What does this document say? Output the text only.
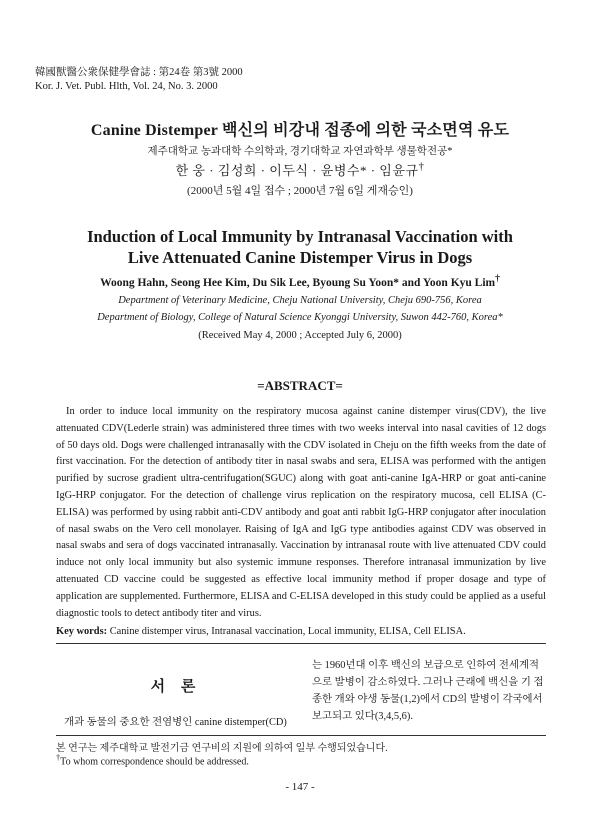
韓國獸醫公衆保健學會誌 : 第24卷 第3號 2000
Kor. J. Vet. Publ. Hlth, Vol. 24, No. 3. 2000
Canine Distemper 백신의 비강내 접종에 의한 국소면역 유도
제주대학교 농과대학 수의학과, 경기대학교 자연과학부 생물학전공*
한 웅 · 김성희 · 이두식 · 윤병수* · 임윤규†
(2000년 5월 4일 접수 ; 2000년 7월 6일 게재승인)
Induction of Local Immunity by Intranasal Vaccination with
Live Attenuated Canine Distemper Virus in Dogs
Woong Hahn, Seong Hee Kim, Du Sik Lee, Byoung Su Yoon* and Yoon Kyu Lim†
Department of Veterinary Medicine, Cheju National University, Cheju 690-756, Korea
Department of Biology, College of Natural Science Kyonggi University, Suwon 442-760, Korea*
(Received May 4, 2000 ; Accepted July 6, 2000)
=ABSTRACT=

In order to induce local immunity on the respiratory mucosa against canine distemper virus(CDV), the live attenuated CDV(Lederle strain) was administered three times with two weeks interval into nasal cavities of 12 dogs of 50 days old. Dogs were challenged intranasally with the CDV isolated in Cheju on the fifth weeks from the date of first vaccination. For the detection of antibody titer in nasal swabs and sera, ELISA was performed with the antigen purified by sucrose gradient ultra-centrifugation(SGUC) along with goat anti-canine IgA-HRP or goat anti-canine IgG-HRP conjugator. For the detection of challenge virus replication on the respiratory mucosa, cell ELISA (C-ELISA) was performed by using rabbit anti-CDV antibody and goat anti rabbit IgG-HRP conjugator after inoculation of nasal swabs on the Vero cell monolayer. Raising of IgA and IgG type antibodies against CDV was observed in nasal swabs and sera of dogs vaccinated intranasally. Vaccination by intranasal route with live attenuated CDV could induce not only local immunity but also systemic immune responses. Therefore intranasal immunization by live attenuated CD vaccine could be suggested as effective local immunity method if proper dosage and type of application are supplemented. Furthermore, ELISA and C-ELISA developed in this study could be applied as a useful diagnostic tools to detect antibody titer and virus.

Key words: Canine distemper virus, Intranasal vaccination, Local immunity, ELISA, Cell ELISA.
서 론
개과 동물의 중요한 전염병인 canine distemper(CD)
는 1960년대 이후 백신의 보급으로 인하여 전세계적
으로 발병이 감소하였다. 그러나 근래에 백신을 기 접
종한 개와 야생 동물(1,2)에서 CD의 발병이 각국에서
보고되고 있다(3,4,5,6).
본 연구는 제주대학교 발전기금 연구비의 지원에 의하여 일부 수행되었습니다.
†To whom correspondence should be addressed.
- 147 -
